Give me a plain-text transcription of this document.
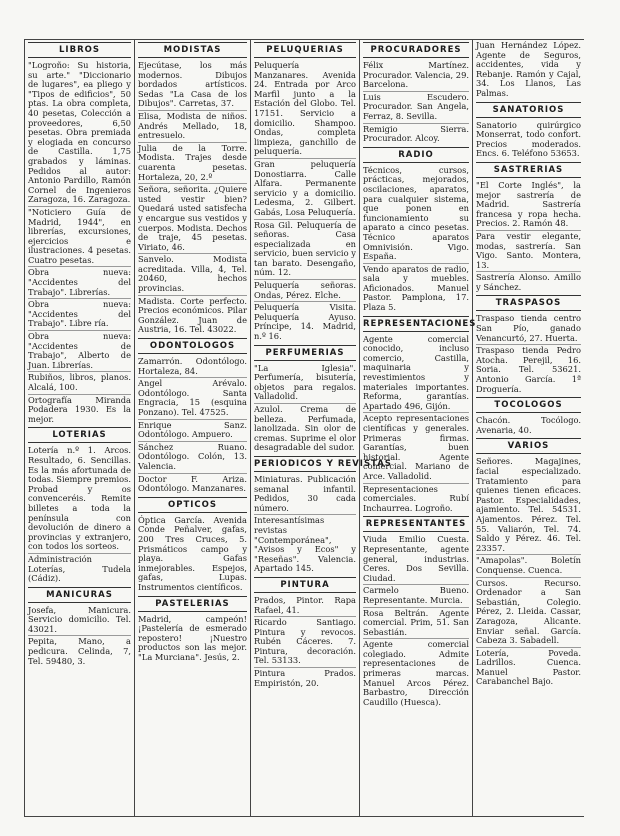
LIBROS

"Logroño: Su historia, su arte." "Diccionario de lugares", ea pliego y "Tipos de edificios", 50 ptas. La obra completa, 40 pesetas, Colección a proveedores, 6,50 pesetas. Obra premiada y elogiada en concurso de Castilla. 1,75 grabados y láminas. Pedidos al autor: Antonio Pardillo, Ramón Cornel de Ingenieros Zaragoza, 16. Zaragoza.

"Noticiero Guía de Madrid, 1944", en librerías, excursiones, ejercicios e ilustraciones. 4 pesetas. Cuatro pesetas.

Obra nueva: "Accidentes del Trabajo". Librerías.

Obra nueva: "Accidentes del Trabajo". Libre ría.

Obra nueva: "Accidentes de Trabajo", Alberto de Juan. Librerías.

Rubiños, libros, planos. Alcalá, 100.

Ortografía Miranda Podadera 1930. Es la mejor.

LOTERIAS

Lotería n.º 1. Arcos. Resultado, 6. Sencillas. Es la más afortunada de todas. Siempre premios. Probad y os convenceréis. Remite billetes a toda la península con devolución de dinero a provincias y extranjero, con todos los sorteos.

Administración Loterías, Tudela (Cádiz).

MANICURAS

Josefa, Manicura. Servicio domicilio. Tel. 43021.

Pepita, Mano, a pedicura. Celinda, 7, Tel. 59480, 3.

MODISTAS

Ejecútase, los más modernos. Dibujos bordados artísticos. Sedas "La Casa de los Dibujos". Carretas, 37.

Elisa, Modista de niños. Andrés Mellado, 18, entresuelo.

Julia de la Torre. Modista. Trajes desde cuarenta pesetas. Hortaleza, 20, 2.º

Señora, señorita. ¿Quiere usted vestir bien? Quedará usted satisfecha y encargue sus vestidos y cuerpos. Modista. Dechos de traje, 45 pesetas. Viriato, 46.

Sanvelo. Modista acreditada. Villa, 4, Tel. 20460, hechos provincias.

Madista. Corte perfecto. Precios económicos. Pilar González. Juan de Austria, 16. Tel. 43022.

ODONTOLOGOS

Zamarrón. Odontólogo. Hortaleza, 84.

Angel Arévalo. Odontólogo. Santa Engracia, 15 (esquina Ponzano). Tel. 47525.

Enrique Sanz. Odontólogo. Ampuero.

Sánchez Ruano. Odontólogo. Colón, 13. Valencia.

Doctor F. Ariza. Odontólogo. Manzanares.

OPTICOS

Óptica García. Avenida Conde Peñalver, gafas, 200 Tres Cruces, 5. Prismáticos campo y playa. Gafas inmejorables. Espejos, gafas, Lupas. Instrumentos científicos.

PASTELERIAS

Madrid, campeón! ¡Pastelería de esmerado repostero! ¡Nuestro productos son las mejor. "La Murciana". Jesús, 2.

PELUQUERIAS

Peluquería Manzanares. Avenida 24. Entrada por Arco Marfil junto a la Estación del Globo. Tel. 17151. Servicio a domicilio. Shampoo. Ondas, completa limpieza, ganchillo de peluquería.

Gran peluquería Donostiarra. Calle Alfara. Permanente servicio y a domicilio. Ledesma, 2. Gilbert. Gabás, Losa Peluquería.

Rosa Gil. Peluquería de señoras. Casa especializada en servicio, buen servicio y tan barato. Desengaño, núm. 12.

Peluquería señoras. Ondas, Pérez. Elche.

Peluquería Visita. Peluquería Ayuso. Príncipe, 14. Madrid, n.º 16.

PERFUMERIAS

"La Iglesia". Perfumería, bisutería, objetos para regalos. Valladolid.

Azulol. Crema de belleza. Perfumada, lanolizada. Sin olor de cremas. Suprime el olor desagradable del sudor.

PERIODICOS Y REVISTAS

Miniaturas. Publicación semanal infantil. Pedidos, 30 cada número.

Interesantísimas revistas "Contemporánea", "Avisos y Ecos" y "Reseñas". Valencia. Apartado 145.

PINTURA

Prados, Pintor. Rapa Rafael, 41.

Ricardo Santiago. Pintura y revocos. Rubén Cáceres. 7. Pintura, decoración. Tel. 53133.

Pintura Prados. Empiristón, 20.

PROCURADORES

Félix Martínez. Procurador. Valencia, 29. Barcelona.

Luis Escudero. Procurador. San Angela, Ferraz, 8. Sevilla.

Remigio Sierra. Procurador. Alcoy.

RADIO

Técnicos, cursos, prácticas, mejorados, oscilaciones, aparatos, para cualquier sistema, que ponen en funcionamiento su aparato a cinco pesetas. Técnico aparatos Omnivisión. Vigo. España.

Vendo aparatos de radio, sala y muebles. Aficionados. Manuel Pastor. Pamplona, 17. Plaza 5.

REPRESENTACIONES

Agente comercial conocido, incluso comercio, Castilla, maquinaria y revestimientos y materiales importantes. Reforma, garantías. Apartado 496, Gijón.

Acepto representaciones científicas y generales. Primeras firmas. Garantías, buen historial. Agente comercial. Mariano de Arce. Valladolid.

Representaciones comerciales. Rubí Inchaurrea. Logroño.

REPRESENTANTES

Viuda Emilio Cuesta. Representante, agente general, industrias. Ceres. Dos Sevilla. Ciudad.

Carmelo Bueno. Representante. Murcia.

Rosa Beltrán. Agente comercial. Prim, 51. San Sebastián.

Agente comercial colegiado. Admite representaciones de primeras marcas. Manuel Arcos Pérez. Barbastro, Dirección Caudillo (Huesca).

Juan Hernández López. Agente de Seguros, accidentes, vida y Rebanje. Ramón y Cajal, 34. Los Llanos, Las Palmas.

SANATORIOS

Sanatorio quirúrgico Monserrat, todo confort. Precios moderados. Encs. 6. Teléfono 53653.

SASTRERIAS

"El Corte Inglés", la mejor sastrería de Madrid. Sastrería francesa y ropa hecha. Precios. 2. Ramón 48.

Para vestir elegante, modas, sastrería. San Vigo. Santo. Montera, 13.

Sastrería Alonso. Amillo y Sánchez.

TRASPASOS

Traspaso tienda centro San Pío, ganado Venancurtó, 27. Huerta.

Traspaso tienda Pedro Atocha. Perejil, 16. Soria. Tel. 53621. Antonio García. 1ª Droguería.

TOCOLOGOS

Chacón. Tocólogo. Avenaria, 40.

VARIOS

Señores. Magajines, facial especializado. Tratamiento para quienes tienen eficaces. Pastor. Especialidades, ajamiento. Tel. 54531. Ajamentos. Pérez. Tel. 55. Valiarón, Tel. 74. Saldo y Pérez. 46. Tel. 23357.

"Amapolas". Boletín Conquense. Cuenca.

Cursos. Recurso. Ordenador a San Sebastián, Colegio. Pérez, 2. Lleida. Cassar, Zaragoza, Alicante. Enviar señal. García. Cabeza 3. Sabadell.

Lotería, Poveda. Ladrillos. Cuenca. Manuel Pastor. Carabanchel Bajo.
